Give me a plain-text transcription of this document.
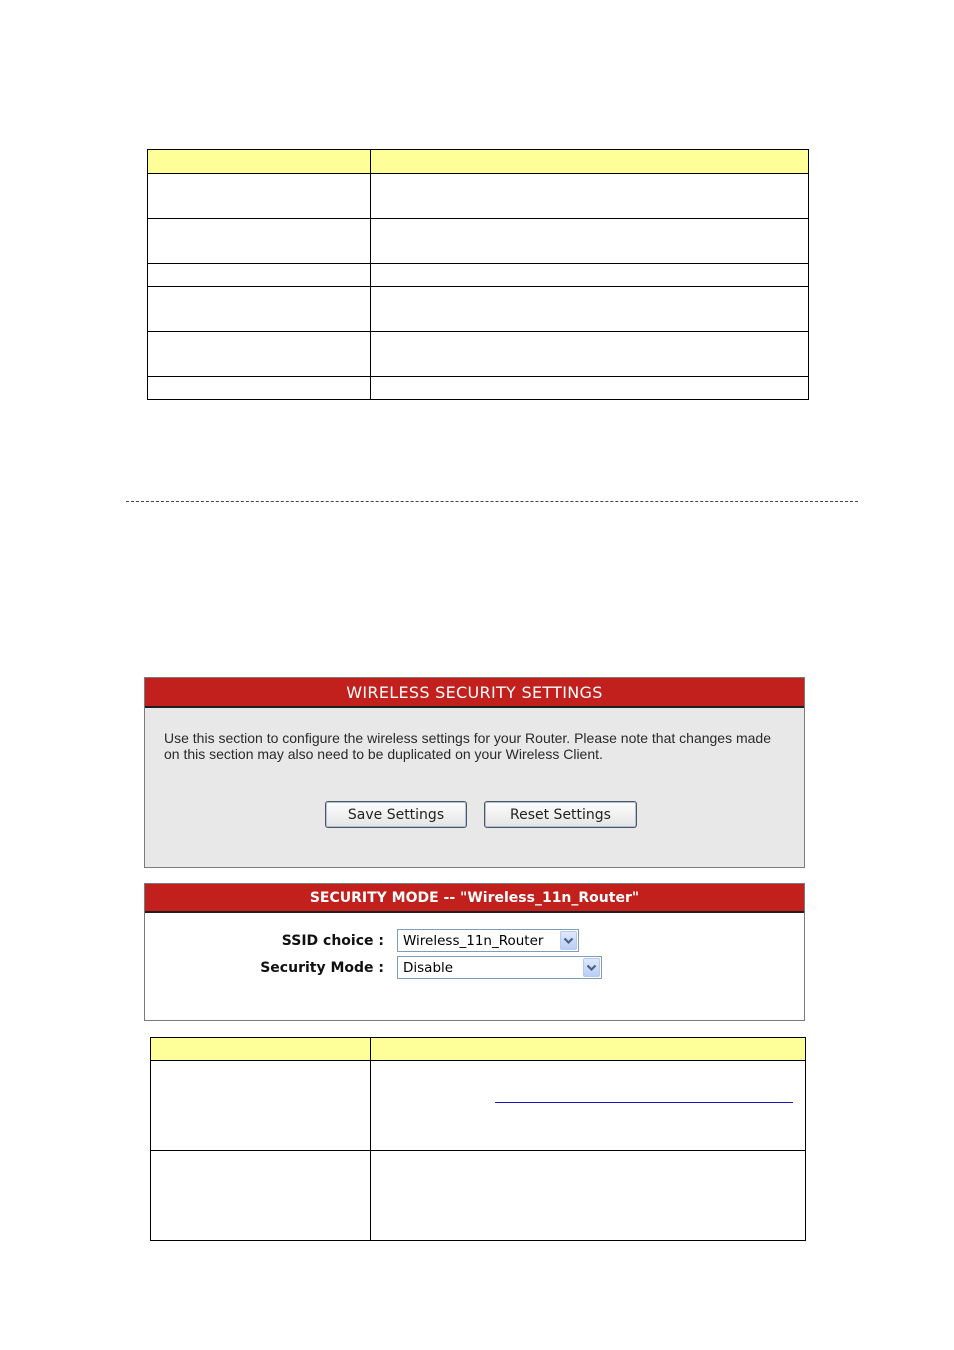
WIRELESS SECURITY SETTINGS
Use this section to configure the wireless settings for your Router. Please note that changes made on this section may also need to be duplicated on your Wireless Client.
Save Settings	Reset Settings
SECURITY MODE -- "Wireless_11n_Router"
SSID choice : Wireless_11n_Router
Security Mode : Disable
